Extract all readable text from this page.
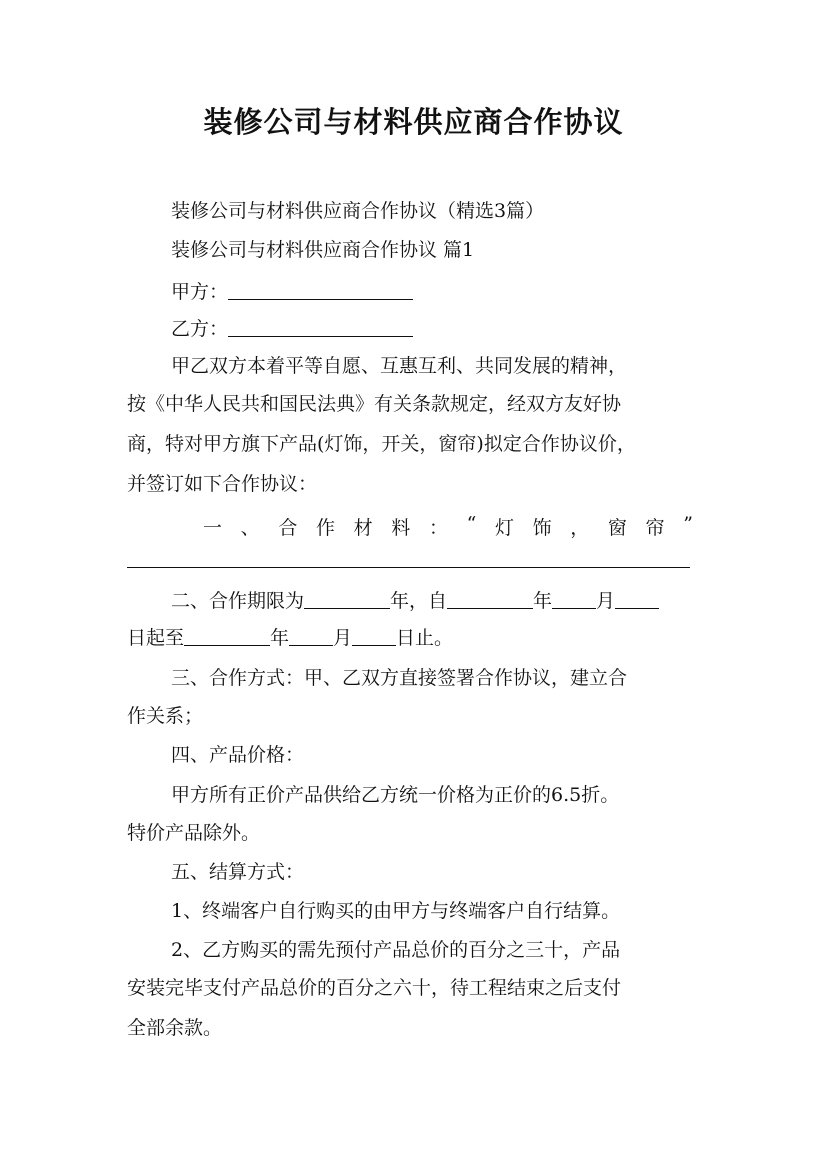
装修公司与材料供应商合作协议
装修公司与材料供应商合作协议（精选3篇）
装修公司与材料供应商合作协议 篇1
甲方：
乙方：
甲乙双方本着平等自愿、互惠互利、共同发展的精神，
按《中华人民共和国民法典》有关条款规定，经双方友好协
商，特对甲方旗下产品(灯饰，开关，窗帘)拟定合作协议价，
并签订如下合作协议：
一 、 合 作 材 料 ： “ 灯 饰 ， 窗 帘 ”
二、合作期限为	年，自	年 月
日起至	年 月 日止。
三、合作方式：甲、乙双方直接签署合作协议，建立合
作关系；
四、产品价格：
甲方所有正价产品供给乙方统一价格为正价的6.5折。
特价产品除外。
五、结算方式：
1、终端客户自行购买的由甲方与终端客户自行结算。
2、乙方购买的需先预付产品总价的百分之三十，产品
安装完毕支付产品总价的百分之六十，待工程结束之后支付
全部余款。
